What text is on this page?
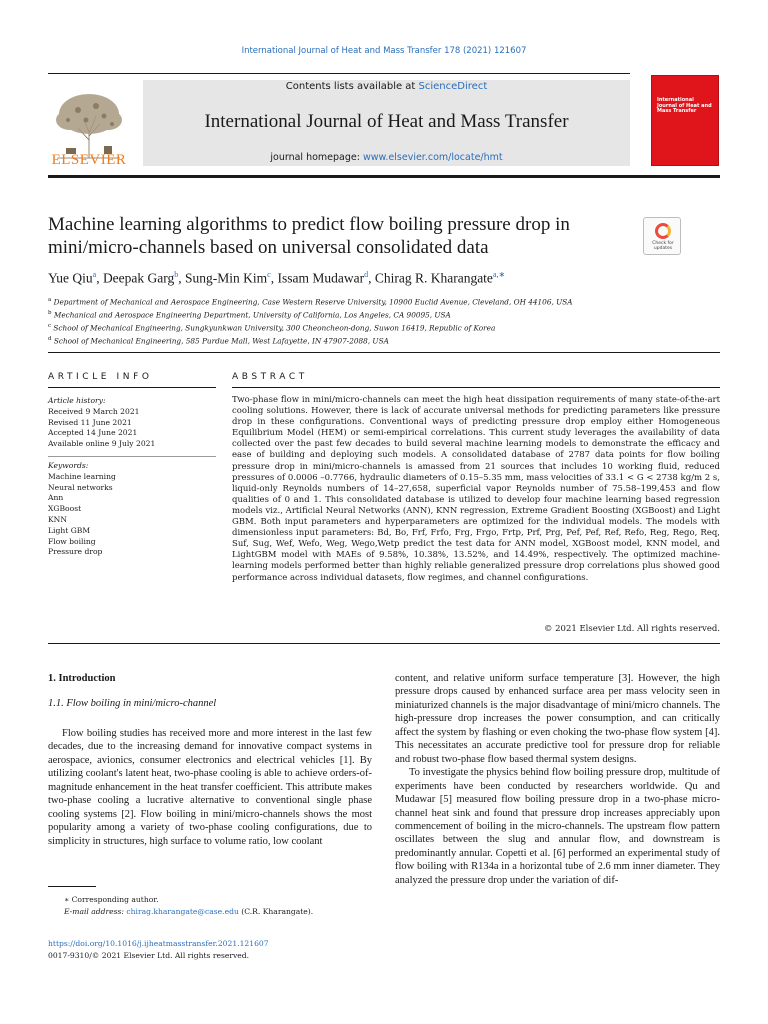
International Journal of Heat and Mass Transfer 178 (2021) 121607
ELSEVIER
Contents lists available at ScienceDirect
International Journal of Heat and Mass Transfer
journal homepage: www.elsevier.com/locate/hmt
International Journal of Heat and Mass Transfer
Machine learning algorithms to predict flow boiling pressure drop in
mini/micro-channels based on universal consolidated data	Check for updates
Yue Qiu$^a$, Deepak Garg$^b$, Sung-Min Kim$^c$, Issam Mudawar$^d$, Chirag R. Kharangate$^{a,∗}$
$^a$ Department of Mechanical and Aerospace Engineering, Case Western Reserve University, 10900 Euclid Avenue, Cleveland, OH 44106, USA
$^b$ Mechanical and Aerospace Engineering Department, University of California, Los Angeles, CA 90095, USA
$^c$ School of Mechanical Engineering, Sungkyunkwan University, 300 Cheoncheon-dong, Suwon 16419, Republic of Korea
$^d$ School of Mechanical Engineering, 585 Purdue Mall, West Lafayette, IN 47907-2088, USA
ARTICLE INFO	ABSTRACT
Article history:
Received 9 March 2021
Revised 11 June 2021
Accepted 14 June 2021
Available online 9 July 2021
Keywords:
Machine learning
Neural networks
Ann
XGBoost
KNN
Light GBM
Flow boiling
Pressure drop
Two-phase flow in mini/micro-channels can meet the high heat dissipation requirements of many state-of-the-art cooling solutions. However, there is lack of accurate universal methods for predicting parameters like pressure drop in these configurations. Conventional ways of predicting pressure drop employ either Homogeneous Equilibrium Model (HEM) or semi-empirical correlations. This current study leverages the availability of data collected over the past few decades to build several machine learning models to demonstrate the efficacy and ease of building and deploying such models. A consolidated database of 2787 data points for flow boiling pressure drop in mini/micro-channels is amassed from 21 sources that includes 10 working fluid, reduced pressures of 0.0006 –0.7766, hydraulic diameters of 0.15–5.35 mm, mass velocities of 33.1 < G < 2738 kg/m 2 s, liquid-only Reynolds numbers of 14–27,658, superficial vapor Reynolds number of 75.58–199,453 and flow qualities of 0 and 1. This consolidated database is utilized to develop four machine learning based regression models viz., Artificial Neural Networks (ANN), KNN regression, Extreme Gradient Boosting (XGBoost) and Light GBM. Both input parameters and hyperparameters are optimized for the individual models. The models with dimensionless input parameters: Bd, Bo, Frf, Frfo, Frg, Frgo, Frtp, Prf, Prg, Pef, Pef, Ref, Refo, Reg, Rego, Req, Suf, Sug, Wef, Wefo, Weg, Wego,Wetp predict the test data for ANN model, XGBoost model, KNN model, and LightGBM model with MAEs of 9.58%, 10.38%, 13.52%, and 14.49%, respectively. The optimized machine-learning models performed better than highly reliable generalized pressure drop correlations plus showed good performance across individual datasets, flow regimes, and channel configurations.
© 2021 Elsevier Ltd. All rights reserved.
1. Introduction
1.1. Flow boiling in mini/micro-channel
Flow boiling studies has received more and more interest in the last few decades, due to the increasing demand for innovative compact systems in aerospace, avionics, consumer electronics and electrical vehicles [1]. By utilizing coolant's latent heat, two-phase cooling is able to achieve orders-of-magnitude enhancement in the heat transfer coefficient. This attribute makes two-phase cooling a lucrative alternative to conventional single phase cooling systems [2]. Flow boiling in mini/micro-channels shows the most popularity among a variety of two-phase cooling configurations, due to simplicity in structures, high surface to volume ratio, low coolant

content, and relative uniform surface temperature [3]. However, the high pressure drops caused by enhanced surface area per mass velocity seen in miniaturized channels is the major disadvantage of mini/micro channels. The high-pressure drop increases the power consumption, and can critically affect the system by flashing or even choking the two-phase flow system [4]. This necessitates an accurate predictive tool for pressure drop for reliable and robust two-phase flow based thermal system designs.

To investigate the physics behind flow boiling pressure drop, multitude of experiments have been conducted by researchers worldwide. Qu and Mudawar [5] measured flow boiling pressure drop in a two-phase micro-channel heat sink and found that pressure drop increases appreciably upon commencement of boiling in the micro-channels. The upstream flow pattern oscillates between the slug and annular flow, and downstream is predominantly annular. Copetti et al. [6] performed an experimental study of flow boiling with R134a in a horizontal tube of 2.6 mm inner diameter. They analyzed the pressure drop under the variation of dif-

∗ Corresponding author.
E-mail address: chirag.kharangate@case.edu (C.R. Kharangate).
https://doi.org/10.1016/j.ijheatmasstransfer.2021.121607
0017-9310/© 2021 Elsevier Ltd. All rights reserved.
